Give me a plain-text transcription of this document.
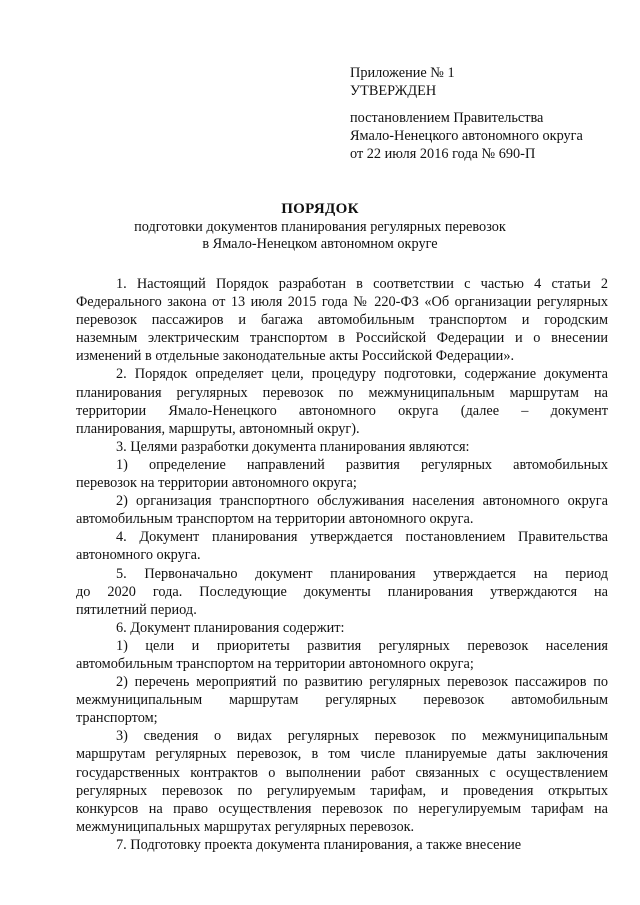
Приложение № 1
УТВЕРЖДЕН
постановлением Правительства
Ямало-Ненецкого автономного округа
от 22 июля 2016 года № 690-П
ПОРЯДОК
подготовки документов планирования регулярных перевозок
в Ямало-Ненецком автономном округе
1. Настоящий Порядок разработан в соответствии с частью 4 статьи 2
Федерального закона от 13 июля 2015 года № 220-ФЗ «Об организации регулярных
перевозок пассажиров и багажа автомобильным транспортом и городским
наземным электрическим транспортом в Российской Федерации и о внесении
изменений в отдельные законодательные акты Российской Федерации».
2. Порядок определяет цели, процедуру подготовки, содержание документа
планирования регулярных перевозок по межмуниципальным маршрутам на
территории Ямало-Ненецкого автономного округа (далее – документ
планирования, маршруты, автономный округ).
3. Целями разработки документа планирования являются:
1) определение направлений развития регулярных автомобильных
перевозок на территории автономного округа;
2) организация транспортного обслуживания населения автономного округа
автомобильным транспортом на территории автономного округа.
4. Документ планирования утверждается постановлением Правительства
автономного округа.
5. Первоначально документ планирования утверждается на период
до 2020 года. Последующие документы планирования утверждаются на
пятилетний период.
6. Документ планирования содержит:
1) цели и приоритеты развития регулярных перевозок населения
автомобильным транспортом на территории автономного округа;
2) перечень мероприятий по развитию регулярных перевозок пассажиров по
межмуниципальным маршрутам регулярных перевозок автомобильным
транспортом;
3) сведения о видах регулярных перевозок по межмуниципальным
маршрутам регулярных перевозок, в том числе планируемые даты заключения
государственных контрактов о выполнении работ связанных с осуществлением
регулярных перевозок по регулируемым тарифам, и проведения открытых
конкурсов на право осуществления перевозок по нерегулируемым тарифам на
межмуниципальных маршрутах регулярных перевозок.
7. Подготовку проекта документа планирования, а также внесение
